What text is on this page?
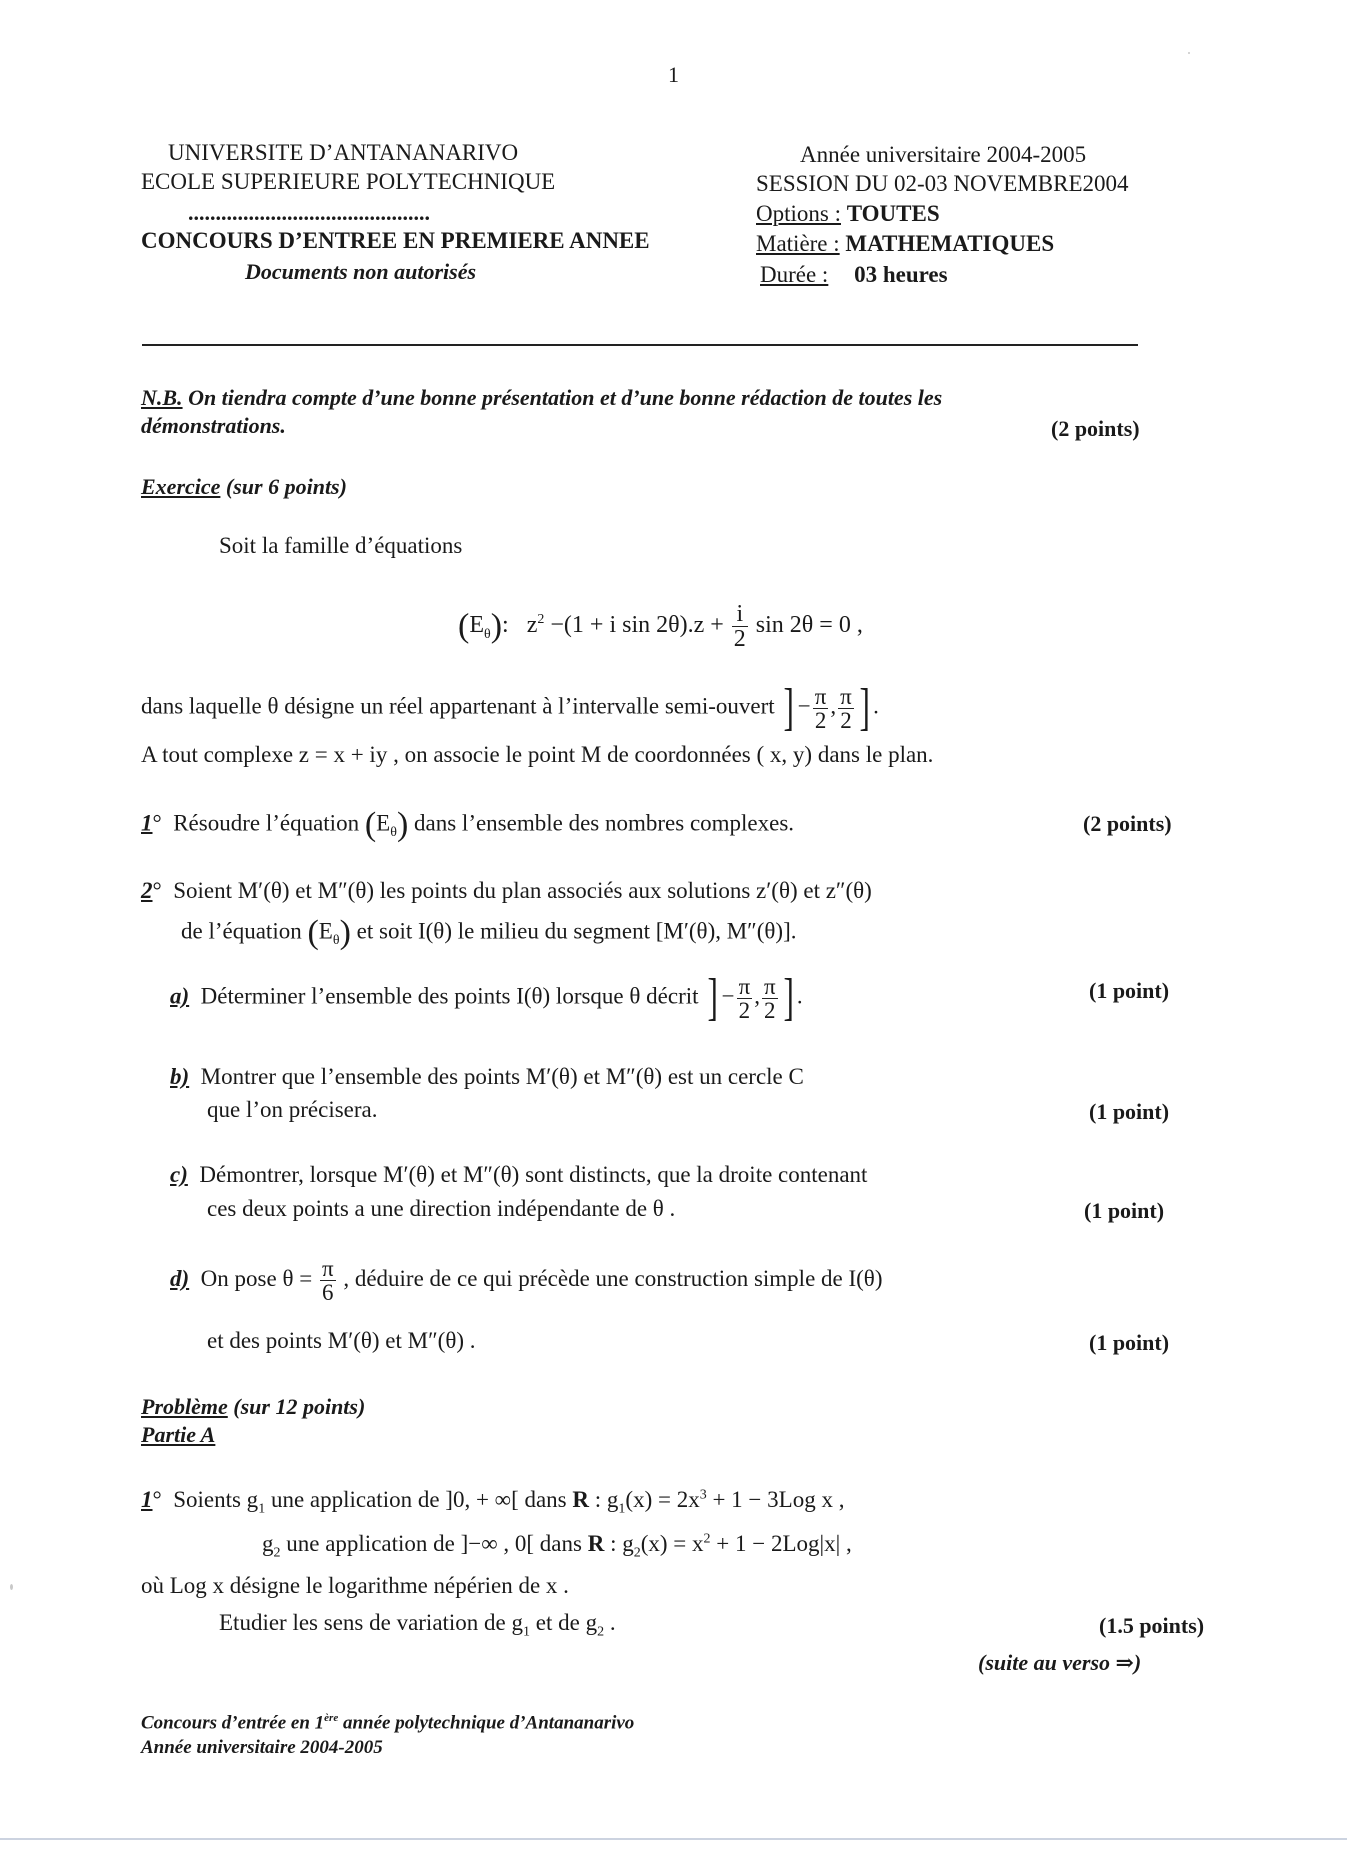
1
UNIVERSITE D’ANTANANARIVO
ECOLE SUPERIEURE POLYTECHNIQUE
............................................
CONCOURS D’ENTREE EN PREMIERE ANNEE
Documents non autorisés
Année universitaire 2004-2005
SESSION DU 02-03 NOVEMBRE2004
Options : TOUTES
Matière : MATHEMATIQUES
Durée : 03 heures
N.B. On tiendra compte d’une bonne présentation et d’une bonne rédaction de toutes les
démonstrations.	(2 points)
Exercice (sur 6 points)
Soit la famille d’équations
$(E_\theta)$:   $z^2 -(1 + i$ $\sin 2\theta).z + \frac{i}{2}$ sin 2θ = 0 ,
dans laquelle θ désigne un réel appartenant à l’intervalle semi-ouvert ] − $\frac{\pi}{2}$ , $\frac{\pi}{2}$ ] .
A tout complexe z = x + iy , on associe le point M de coordonnées ( x, y) dans le plan.
1°  Résoudre l’équation $(E_\theta)$ dans l’ensemble des nombres complexes.	(2 points)
2°  Soient M′(θ) et M″(θ) les points du plan associés aux solutions z′(θ) et z″(θ)
de l’équation $(E_\theta)$ et soit I(θ) le milieu du segment [M′(θ), M″(θ)].
a) Déterminer l’ensemble des points I(θ) lorsque θ décrit ] − $\frac{\pi}{2}$ , $\frac{\pi}{2}$ ] .	(1 point)
b) Montrer que l’ensemble des points M′(θ) et M″(θ) est un cercle C
que l’on précisera.	(1 point)
c) Démontrer, lorsque M′(θ) et M″(θ) sont distincts, que la droite contenant
ces deux points a une direction indépendante de θ .	(1 point)
d) On pose $\theta = \frac{\pi}{6}$ , déduire de ce qui précède une construction simple de I(θ)
et des points M′(θ) et M″(θ) .	(1 point)
Problème (sur 12 points)
Partie A
1°  Soients $g_1$ une application de ]0, + ∞[ dans R : $g_1(x) = 2x^3 + 1 - 3Log$ x ,
$g_2$ une application de ]−∞ , 0[ dans R : $g_2(x) = x^2 + 1 - 2Log|x|$ ,
où Log x désigne le logarithme népérien de x .
Etudier les sens de variation de $g_1$ et de $g_2$ .	(1.5 points)
(suite au verso ⇒)
Concours d’entrée en 1ère année polytechnique d’Antananarivo
Année universitaire 2004-2005
